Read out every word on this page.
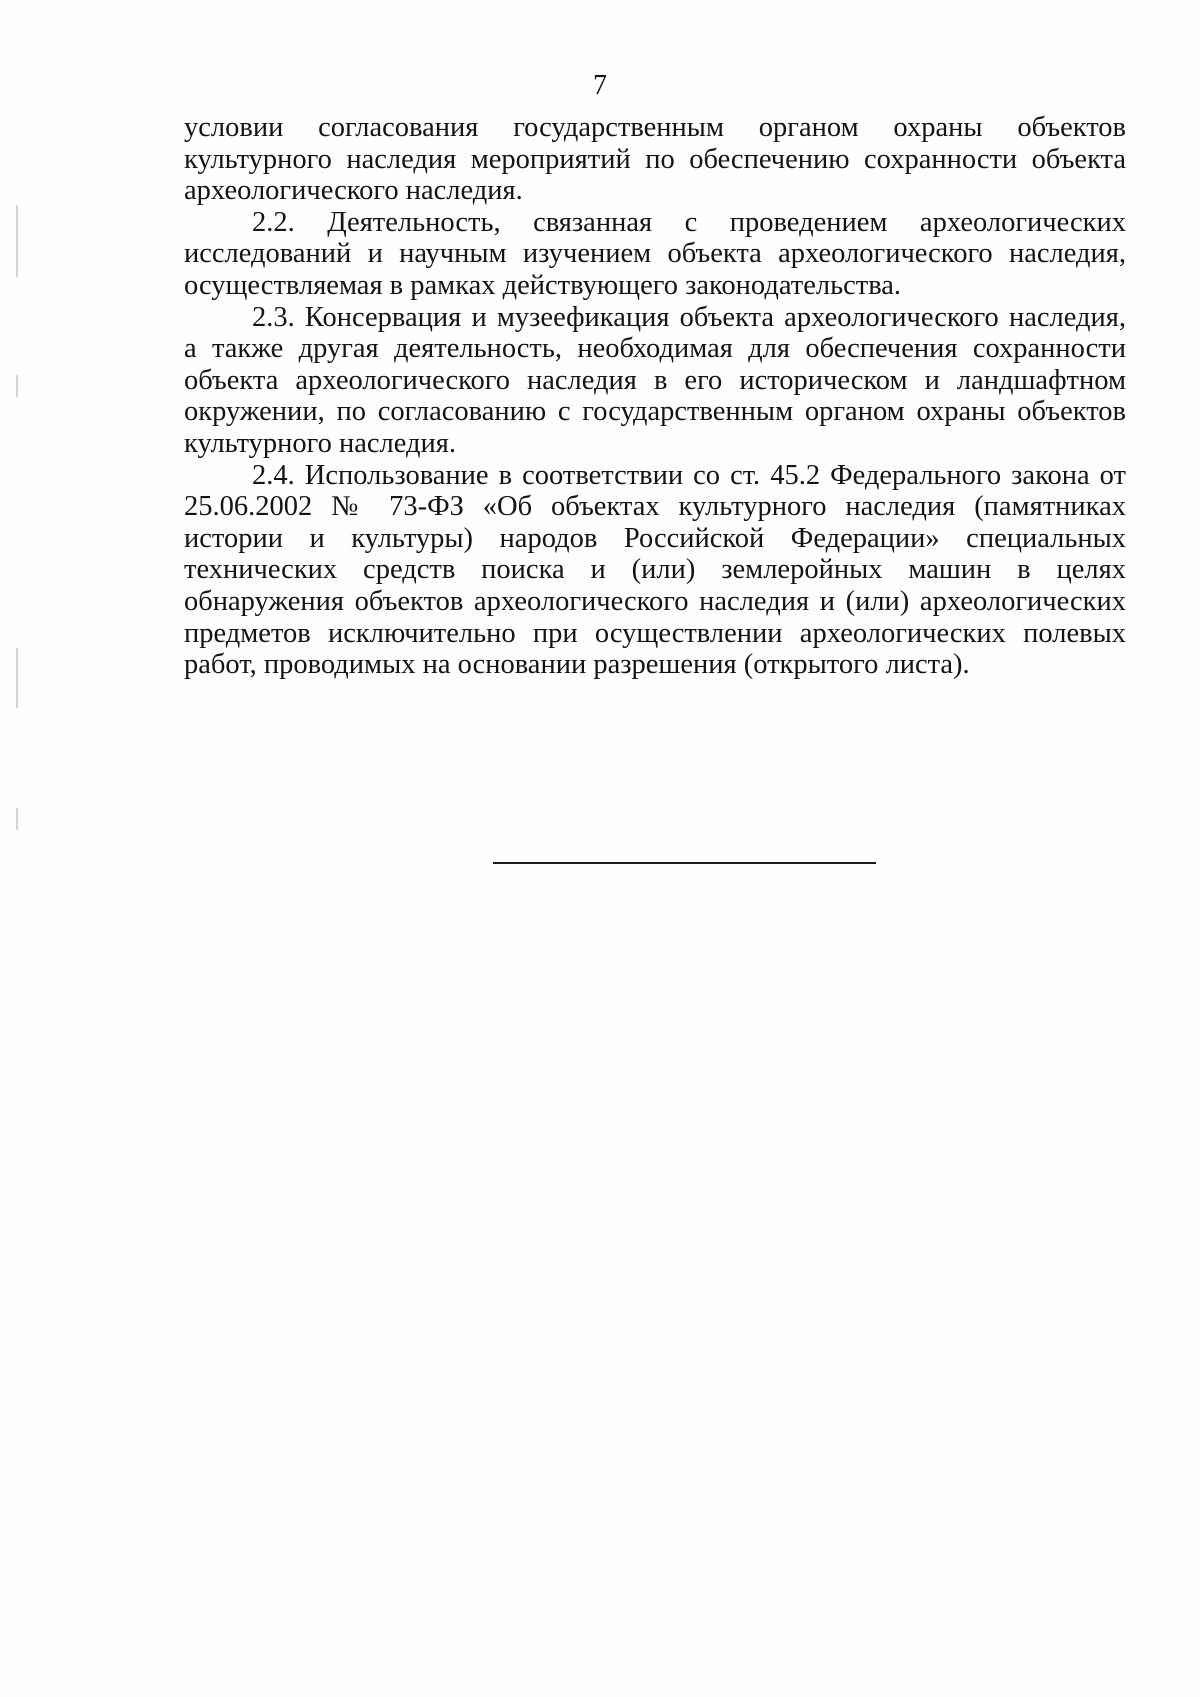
7

условии согласования государственным органом охраны объектов культурного наследия мероприятий по обеспечению сохранности объекта археологического наследия.

2.2. Деятельность, связанная с проведением археологических исследований и научным изучением объекта археологического наследия, осуществляемая в рамках действующего законодательства.

2.3. Консервация и музеефикация объекта археологического наследия, а также другая деятельность, необходимая для обеспечения сохранности объекта археологического наследия в его историческом и ландшафтном окружении, по согласованию с государственным органом охраны объектов культурного наследия.

2.4. Использование в соответствии со ст. 45.2 Федерального закона от 25.06.2002 № 73-ФЗ «Об объектах культурного наследия (памятниках истории и культуры) народов Российской Федерации» специальных технических средств поиска и (или) землеройных машин в целях обнаружения объектов археологического наследия и (или) археологических предметов исключительно при осуществлении археологических полевых работ, проводимых на основании разрешения (открытого листа).
